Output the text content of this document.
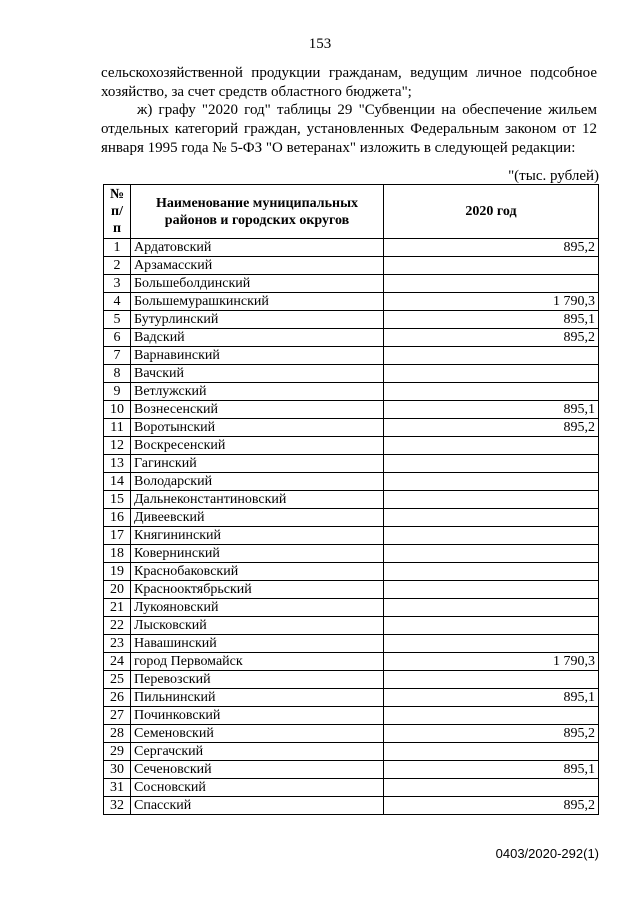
153

сельскохозяйственной продукции гражданам, ведущим личное подсобное хозяйство, за счет средств областного бюджета";

ж) графу "2020 год" таблицы 29 "Субвенции на обеспечение жильем отдельных категорий граждан, установленных Федеральным законом от 12 января 1995 года № 5-ФЗ "О ветеранах" изложить в следующей редакции:

"(тыс. рублей)
№ п/п	Наименование муниципальных районов и городских округов	2020 год
1	Ардатовский	895,2
2	Арзамасский	
3	Большеболдинский	
4	Большемурашкинский	1 790,3
5	Бутурлинский	895,1
6	Вадский	895,2
7	Варнавинский	
8	Вачский	
9	Ветлужский	
10	Вознесенский	895,1
11	Воротынский	895,2
12	Воскресенский	
13	Гагинский	
14	Володарский	
15	Дальнеконстантиновский	
16	Дивеевский	
17	Княгининский	
18	Ковернинский	
19	Краснобаковский	
20	Краснооктябрьский	
21	Лукояновский	
22	Лысковский	
23	Навашинский	
24	город Первомайск	1 790,3
25	Перевозский	
26	Пильнинский	895,1
27	Починковский	
28	Семеновский	895,2
29	Сергачский	
30	Сеченовский	895,1
31	Сосновский	
32	Спасский	895,2
0403/2020-292(1)
